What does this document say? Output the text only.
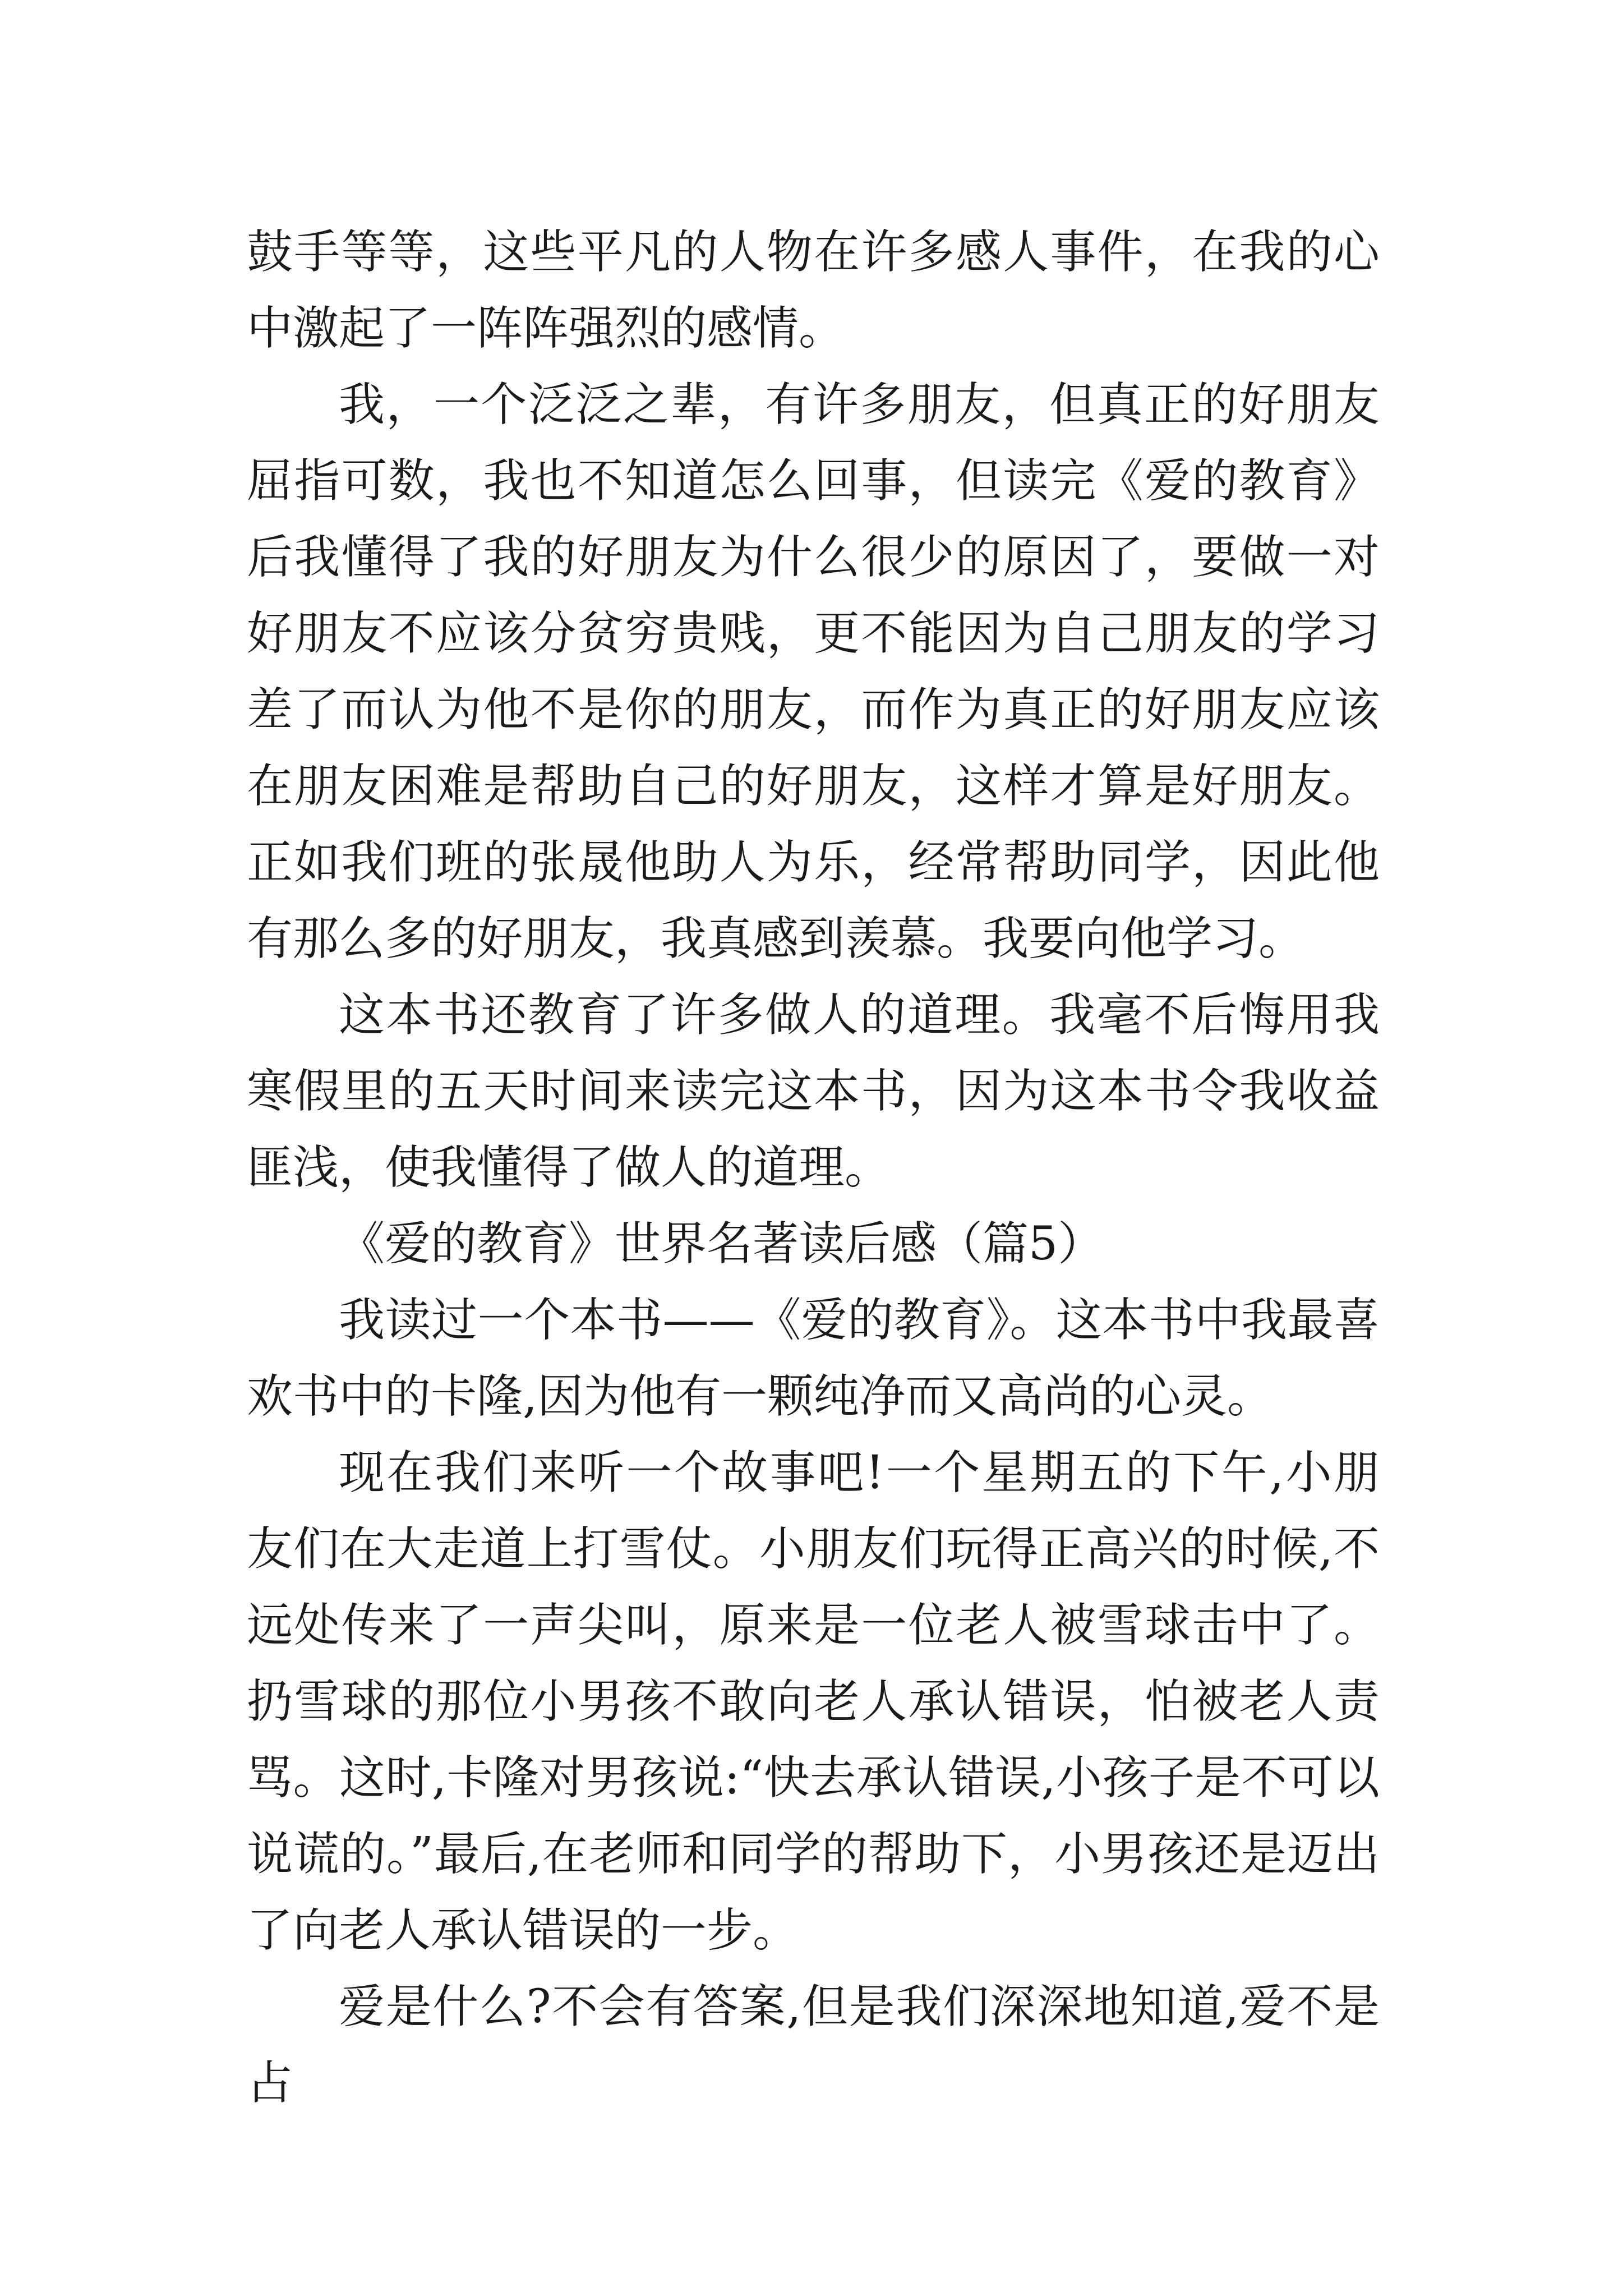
鼓手等等，这些平凡的人物在许多感人事件，在我的心中激起了一阵阵强烈的感情。

我，一个泛泛之辈，有许多朋友，但真正的好朋友屈指可数，我也不知道怎么回事，但读完《爱的教育》后我懂得了我的好朋友为什么很少的原因了，要做一对好朋友不应该分贫穷贵贱，更不能因为自己朋友的学习差了而认为他不是你的朋友，而作为真正的好朋友应该在朋友困难是帮助自己的好朋友，这样才算是好朋友。正如我们班的张晟他助人为乐，经常帮助同学，因此他有那么多的好朋友，我真感到羡慕。我要向他学习。

这本书还教育了许多做人的道理。我毫不后悔用我寒假里的五天时间来读完这本书，因为这本书令我收益匪浅，使我懂得了做人的道理。

《爱的教育》世界名著读后感（篇5）

我读过一个本书——《爱的教育》。这本书中我最喜欢书中的卡隆,因为他有一颗纯净而又高尚的心灵。

现在我们来听一个故事吧!一个星期五的下午,小朋友们在大走道上打雪仗。小朋友们玩得正高兴的时候,不远处传来了一声尖叫，原来是一位老人被雪球击中了。扔雪球的那位小男孩不敢向老人承认错误，怕被老人责骂。这时,卡隆对男孩说:“快去承认错误,小孩子是不可以说谎的。”最后,在老师和同学的帮助下，小男孩还是迈出了向老人承认错误的一步。

爱是什么?不会有答案,但是我们深深地知道,爱不是占
